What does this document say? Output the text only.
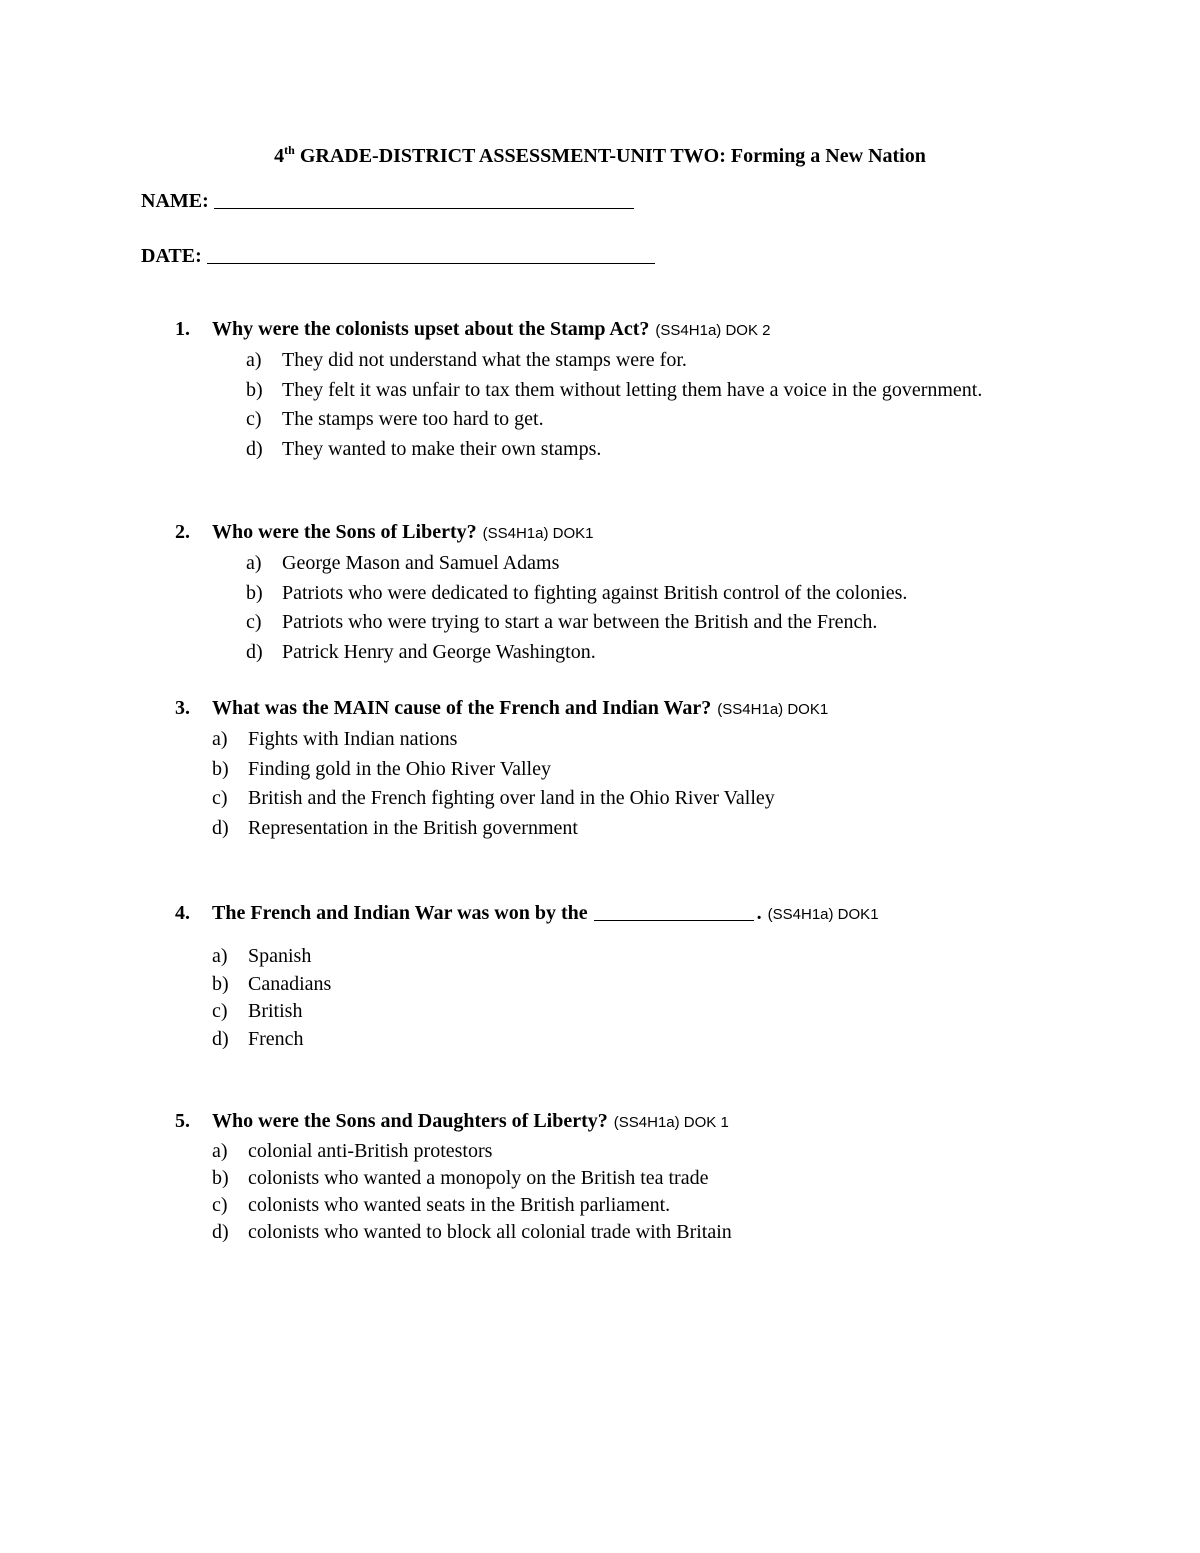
4th GRADE-DISTRICT ASSESSMENT-UNIT TWO: Forming a New Nation
NAME:
DATE:
1. Why were the colonists upset about the Stamp Act? (SS4H1a) DOK 2
a) They did not understand what the stamps were for.
b) They felt it was unfair to tax them without letting them have a voice in the government.
c) The stamps were too hard to get.
d) They wanted to make their own stamps.
2. Who were the Sons of Liberty? (SS4H1a) DOK1
a) George Mason and Samuel Adams
b) Patriots who were dedicated to fighting against British control of the colonies.
c) Patriots who were trying to start a war between the British and the French.
d) Patrick Henry and George Washington.
3. What was the MAIN cause of the French and Indian War? (SS4H1a) DOK1
a) Fights with Indian nations
b) Finding gold in the Ohio River Valley
c) British and the French fighting over land in the Ohio River Valley
d) Representation in the British government
4. The French and Indian War was won by the	. (SS4H1a) DOK1
a) Spanish
b) Canadians
c) British
d) French
5. Who were the Sons and Daughters of Liberty? (SS4H1a) DOK 1
a) colonial anti-British protestors
b) colonists who wanted a monopoly on the British tea trade
c) colonists who wanted seats in the British parliament.
d) colonists who wanted to block all colonial trade with Britain
